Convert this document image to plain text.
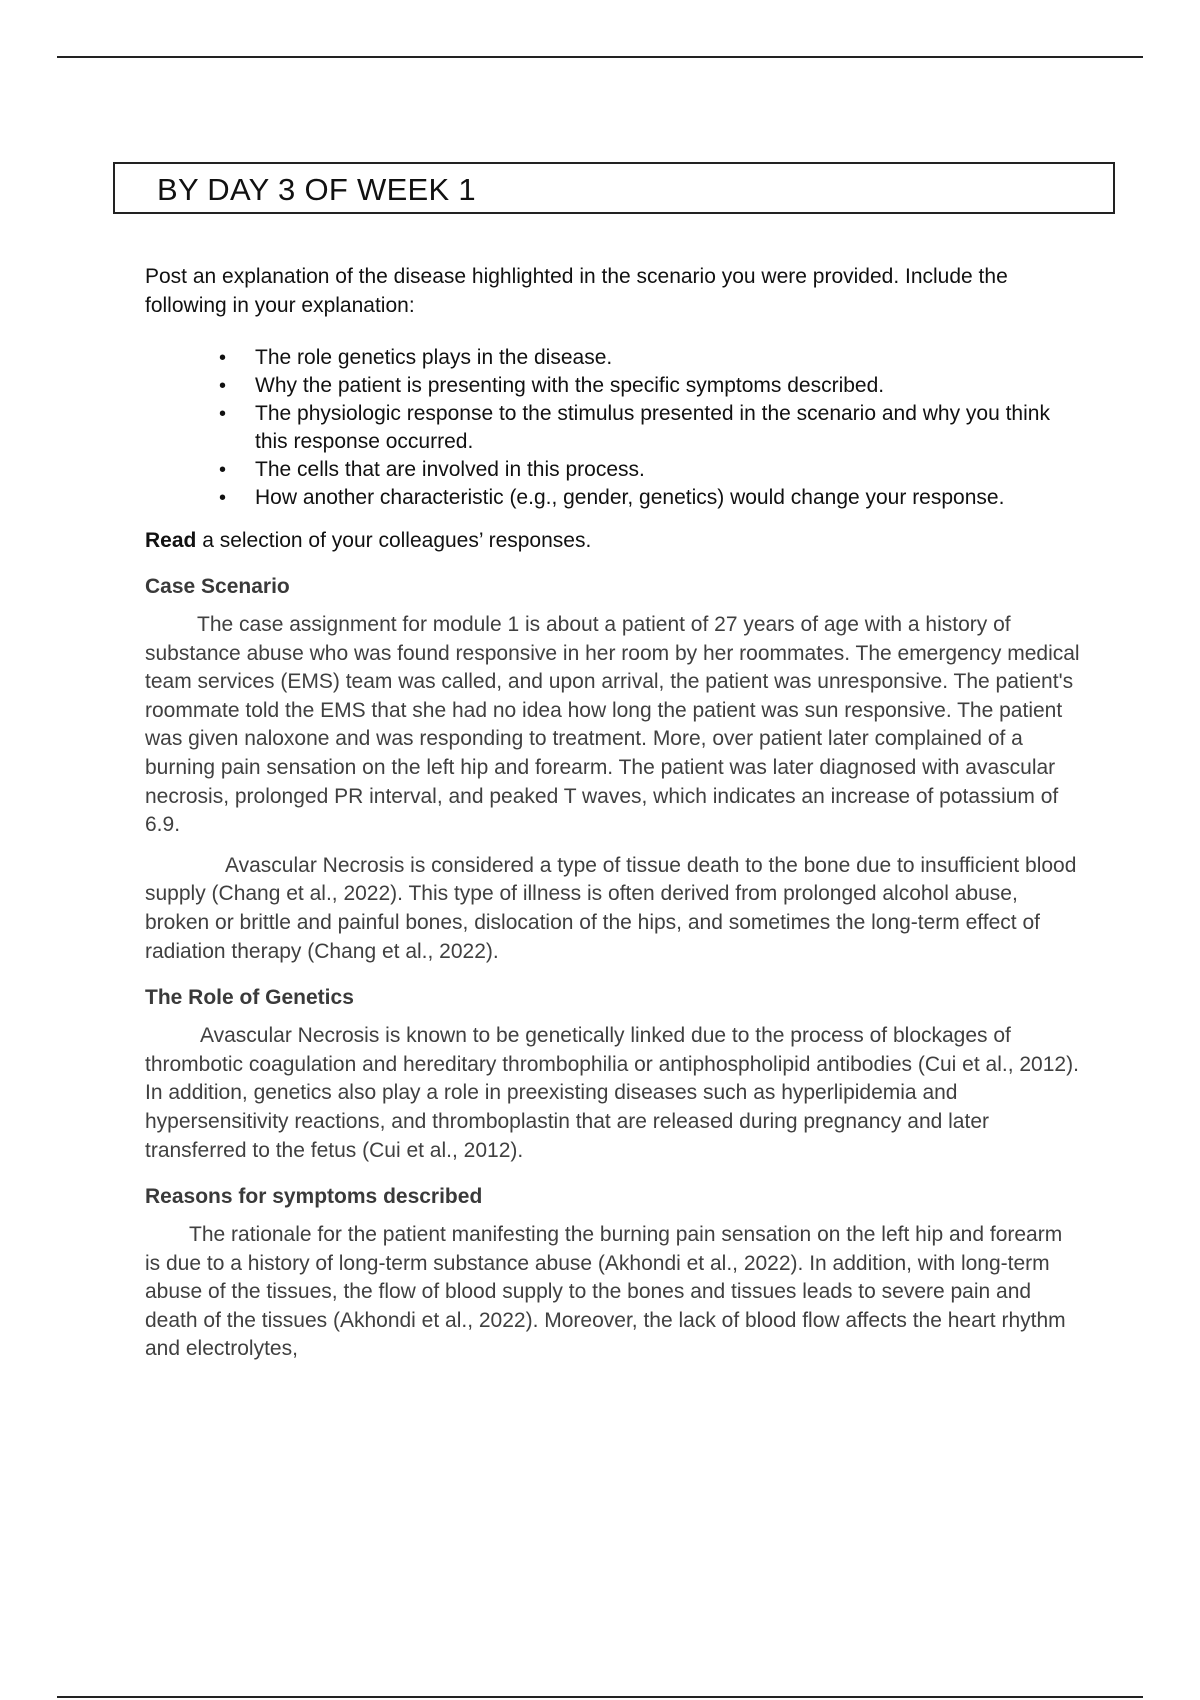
BY DAY 3 OF WEEK 1

Post an explanation of the disease highlighted in the scenario you were provided. Include the following in your explanation:

• The role genetics plays in the disease.
• Why the patient is presenting with the specific symptoms described.
• The physiologic response to the stimulus presented in the scenario and why you think this response occurred.
• The cells that are involved in this process.
• How another characteristic (e.g., gender, genetics) would change your response.

Read a selection of your colleagues’ responses.

Case Scenario

The case assignment for module 1 is about a patient of 27 years of age with a history of substance abuse who was found responsive in her room by her roommates. The emergency medical team services (EMS) team was called, and upon arrival, the patient was unresponsive. The patient's roommate told the EMS that she had no idea how long the patient was sun responsive. The patient was given naloxone and was responding to treatment. More, over patient later complained of a burning pain sensation on the left hip and forearm. The patient was later diagnosed with avascular necrosis, prolonged PR interval, and peaked T waves, which indicates an increase of potassium of 6.9.

Avascular Necrosis is considered a type of tissue death to the bone due to insufficient blood supply (Chang et al., 2022). This type of illness is often derived from prolonged alcohol abuse, broken or brittle and painful bones, dislocation of the hips, and sometimes the long-term effect of radiation therapy (Chang et al., 2022).

The Role of Genetics

Avascular Necrosis is known to be genetically linked due to the process of blockages of thrombotic coagulation and hereditary thrombophilia or antiphospholipid antibodies (Cui et al., 2012). In addition, genetics also play a role in preexisting diseases such as hyperlipidemia and hypersensitivity reactions, and thromboplastin that are released during pregnancy and later transferred to the fetus (Cui et al., 2012).

Reasons for symptoms described

The rationale for the patient manifesting the burning pain sensation on the left hip and forearm is due to a history of long-term substance abuse (Akhondi et al., 2022). In addition, with long-term abuse of the tissues, the flow of blood supply to the bones and tissues leads to severe pain and death of the tissues (Akhondi et al., 2022). Moreover, the lack of blood flow affects the heart rhythm and electrolytes,
